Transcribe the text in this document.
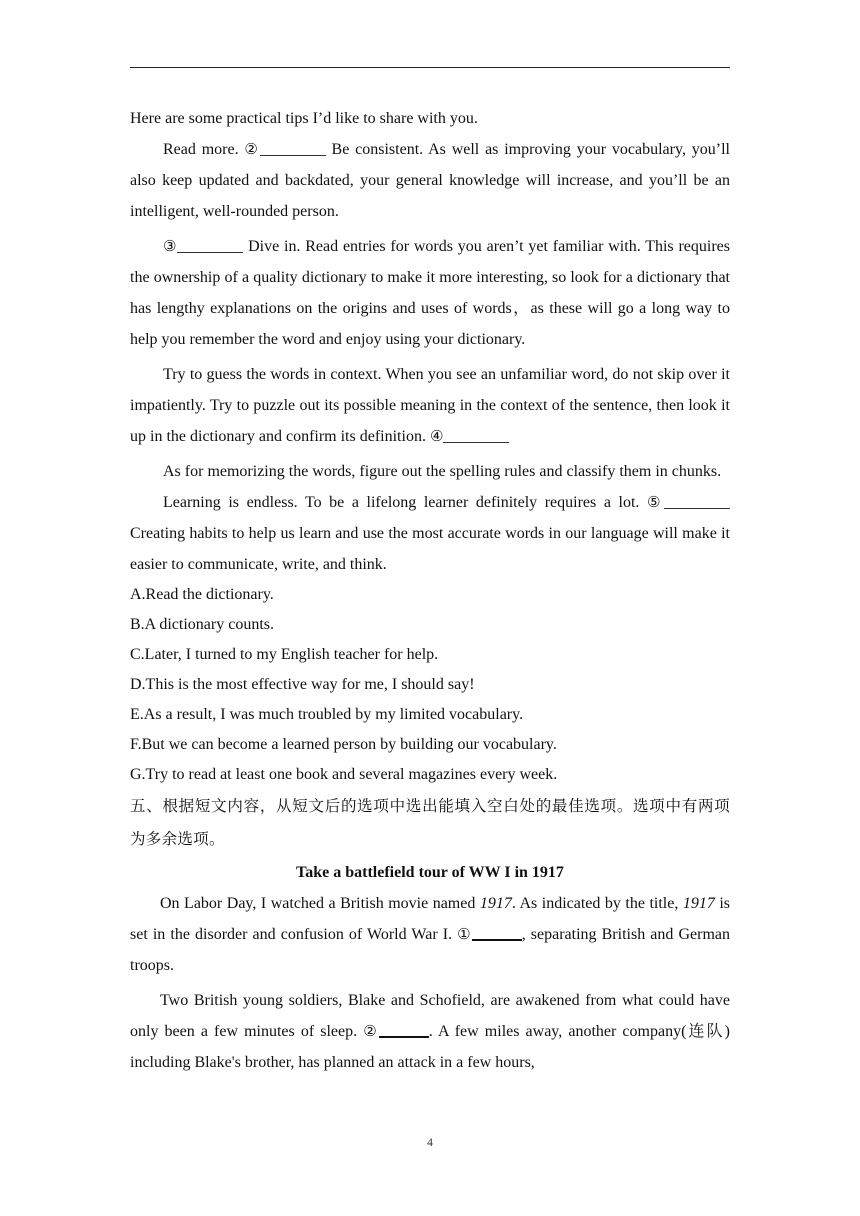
Here are some practical tips I’d like to share with you.

Read more. ②	Be consistent. As well as improving your vocabulary, you’ll also keep updated and backdated, your general knowledge will increase, and you’ll be an intelligent, well-rounded person.

③	Dive in. Read entries for words you aren’t yet familiar with. This requires the ownership of a quality dictionary to make it more interesting, so look for a dictionary that has lengthy explanations on the origins and uses of words，as these will go a long way to help you remember the word and enjoy using your dictionary.

Try to guess the words in context. When you see an unfamiliar word, do not skip over it impatiently. Try to puzzle out its possible meaning in the context of the sentence, then look it up in the dictionary and confirm its definition. ④

As for memorizing the words, figure out the spelling rules and classify them in chunks.

Learning is endless. To be a lifelong learner definitely requires a lot. ⑤ Creating habits to help us learn and use the most accurate words in our language will make it easier to communicate, write, and think.

A.Read the dictionary.

B.A dictionary counts.

C.Later, I turned to my English teacher for help.

D.This is the most effective way for me, I should say!

E.As a result, I was much troubled by my limited vocabulary.

F.But we can become a learned person by building our vocabulary.

G.Try to read at least one book and several magazines every week.

五、根据短文内容，从短文后的选项中选出能填入空白处的最佳选项。选项中有两项为多余选项。

Take a battlefield tour of WW I in 1917

On Labor Day, I watched a British movie named 1917. As indicated by the title, 1917 is set in the disorder and confusion of World War I. ①	, separating British and German troops.

Two British young soldiers, Blake and Schofield, are awakened from what could have only been a few minutes of sleep. ②	. A few miles away, another company(连队) including Blake's brother, has planned an attack in a few hours,

4
